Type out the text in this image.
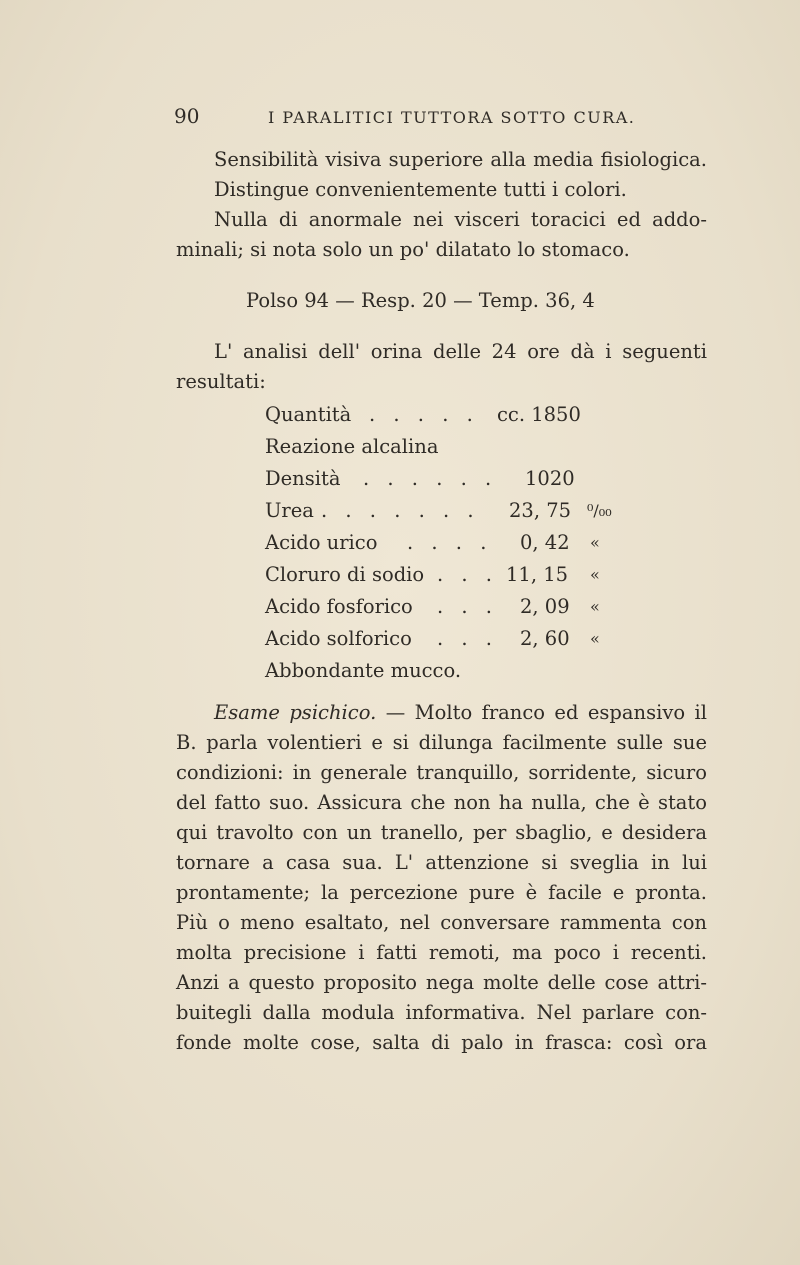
90	I PARALITICI TUTTORA SOTTO CURA.
Sensibilità visiva superiore alla media fisiologica.
Distingue convenientemente tutti i colori.
Nulla di anormale nei visceri toracici ed addo-
minali; si nota solo un po' dilatato lo stomaco.
Polso 94 — Resp. 20 — Temp. 36, 4
L' analisi dell' orina delle 24 ore dà i seguenti
resultati:
Quantità . . . . . cc. 1850
Reazione alcalina
Densità . . . . . . 1020
Urea . . . . . . . 23, 75 ⁰/₀₀
Acido urico . . . . 0, 42 «
Cloruro di sodio . . . 11, 15 «
Acido fosforico . . . 2, 09 «
Acido solforico . . . 2, 60 «
Abbondante mucco.
Esame psichico. — Molto franco ed espansivo il
B. parla volentieri e si dilunga facilmente sulle sue
condizioni: in generale tranquillo, sorridente, sicuro
del fatto suo. Assicura che non ha nulla, che è stato
qui travolto con un tranello, per sbaglio, e desidera
tornare a casa sua. L' attenzione si sveglia in lui
prontamente; la percezione pure è facile e pronta.
Più o meno esaltato, nel conversare rammenta con
molta precisione i fatti remoti, ma poco i recenti.
Anzi a questo proposito nega molte delle cose attri-
buitegli dalla modula informativa. Nel parlare con-
fonde molte cose, salta di palo in frasca: così ora
